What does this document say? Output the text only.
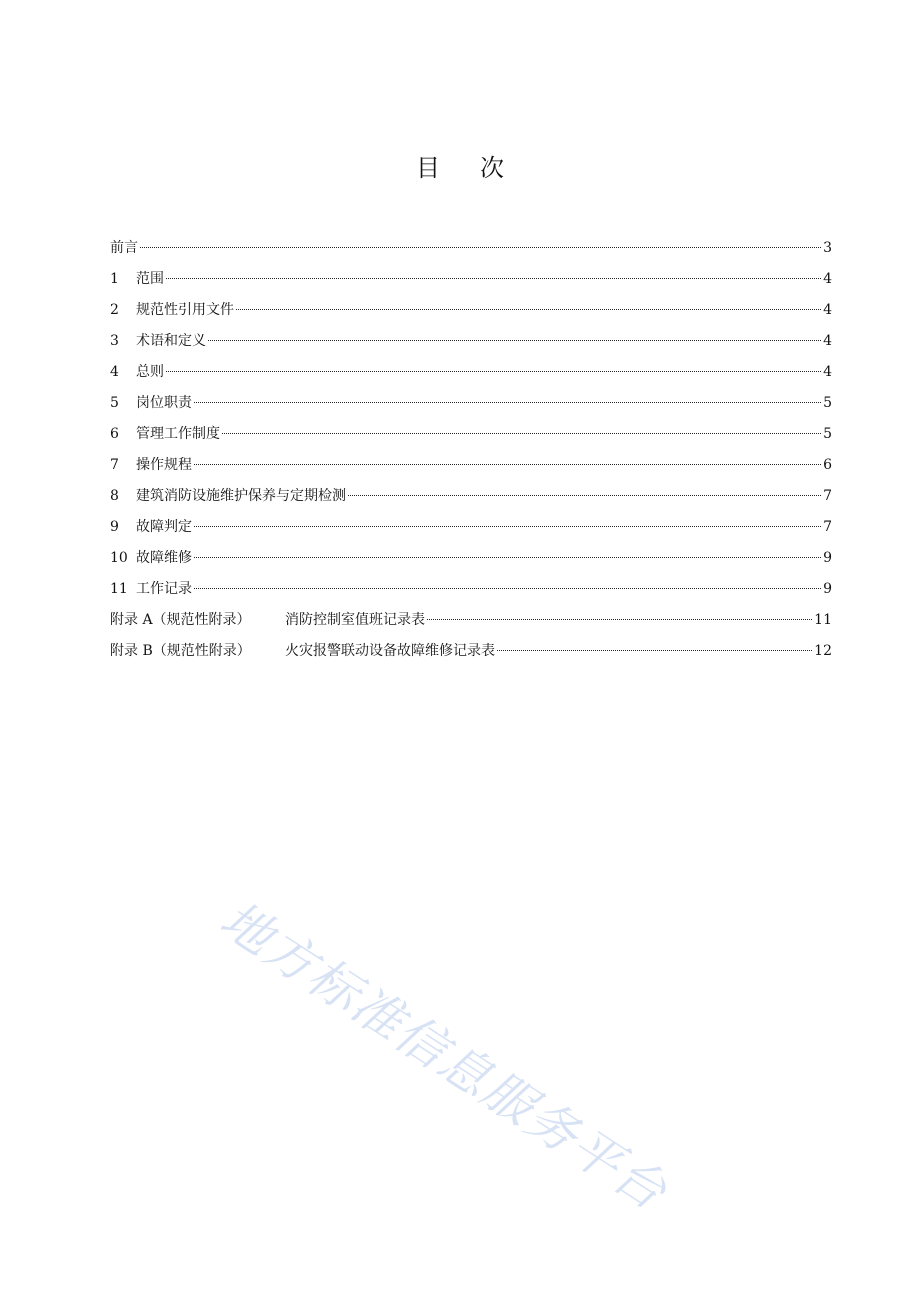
目 次
前言	3
1	范围	4
2	规范性引用文件	4
3	术语和定义	4
4	总则	4
5	岗位职责	5
6	管理工作制度	5
7	操作规程	6
8	建筑消防设施维护保养与定期检测	7
9	故障判定	7
10 故障维修	9
11 工作记录	9
附录 A（规范性附录）	消防控制室值班记录表	11
附录 B（规范性附录）	火灾报警联动设备故障维修记录表	12
地方标准信息服务平台
